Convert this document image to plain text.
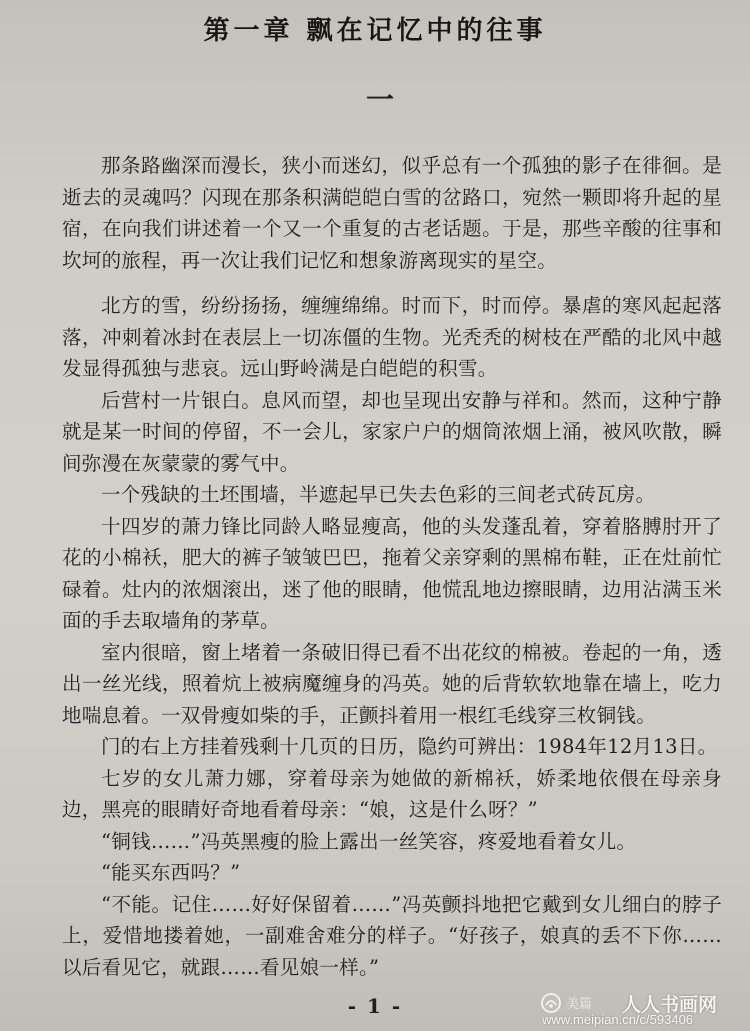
第一章 飘在记忆中的往事
一

那条路幽深而漫长，狭小而迷幻，似乎总有一个孤独的影子在徘徊。是逝去的灵魂吗？闪现在那条积满皑皑白雪的岔路口，宛然一颗即将升起的星宿，在向我们讲述着一个又一个重复的古老话题。于是，那些辛酸的往事和坎坷的旅程，再一次让我们记忆和想象游离现实的星空。

北方的雪，纷纷扬扬，缠缠绵绵。时而下，时而停。暴虐的寒风起起落落，冲刺着冰封在表层上一切冻僵的生物。光秃秃的树枝在严酷的北风中越发显得孤独与悲哀。远山野岭满是白皑皑的积雪。

后营村一片银白。息风而望，却也呈现出安静与祥和。然而，这种宁静就是某一时间的停留，不一会儿，家家户户的烟筒浓烟上涌，被风吹散，瞬间弥漫在灰蒙蒙的雾气中。

一个残缺的土坯围墙，半遮起早已失去色彩的三间老式砖瓦房。

十四岁的萧力锋比同龄人略显瘦高，他的头发蓬乱着，穿着胳膊肘开了花的小棉袄，肥大的裤子皱皱巴巴，拖着父亲穿剩的黑棉布鞋，正在灶前忙碌着。灶内的浓烟滚出，迷了他的眼睛，他慌乱地边擦眼睛，边用沾满玉米面的手去取墙角的茅草。

室内很暗，窗上堵着一条破旧得已看不出花纹的棉被。卷起的一角，透出一丝光线，照着炕上被病魔缠身的冯英。她的后背软软地靠在墙上，吃力地喘息着。一双骨瘦如柴的手，正颤抖着用一根红毛线穿三枚铜钱。

门的右上方挂着残剩十几页的日历，隐约可辨出：1984年12月13日。

七岁的女儿萧力娜，穿着母亲为她做的新棉袄，娇柔地依偎在母亲身边，黑亮的眼睛好奇地看着母亲：“娘，这是什么呀？”

“铜钱……”冯英黑瘦的脸上露出一丝笑容，疼爱地看着女儿。

“能买东西吗？”

“不能。记住……好好保留着……”冯英颤抖地把它戴到女儿细白的脖子上，爱惜地搂着她，一副难舍难分的样子。“好孩子，娘真的丢不下你……以后看见它，就跟……看见娘一样。”

- 1 -	美篇 人人书画网
www.meipian.cn/c/593406
